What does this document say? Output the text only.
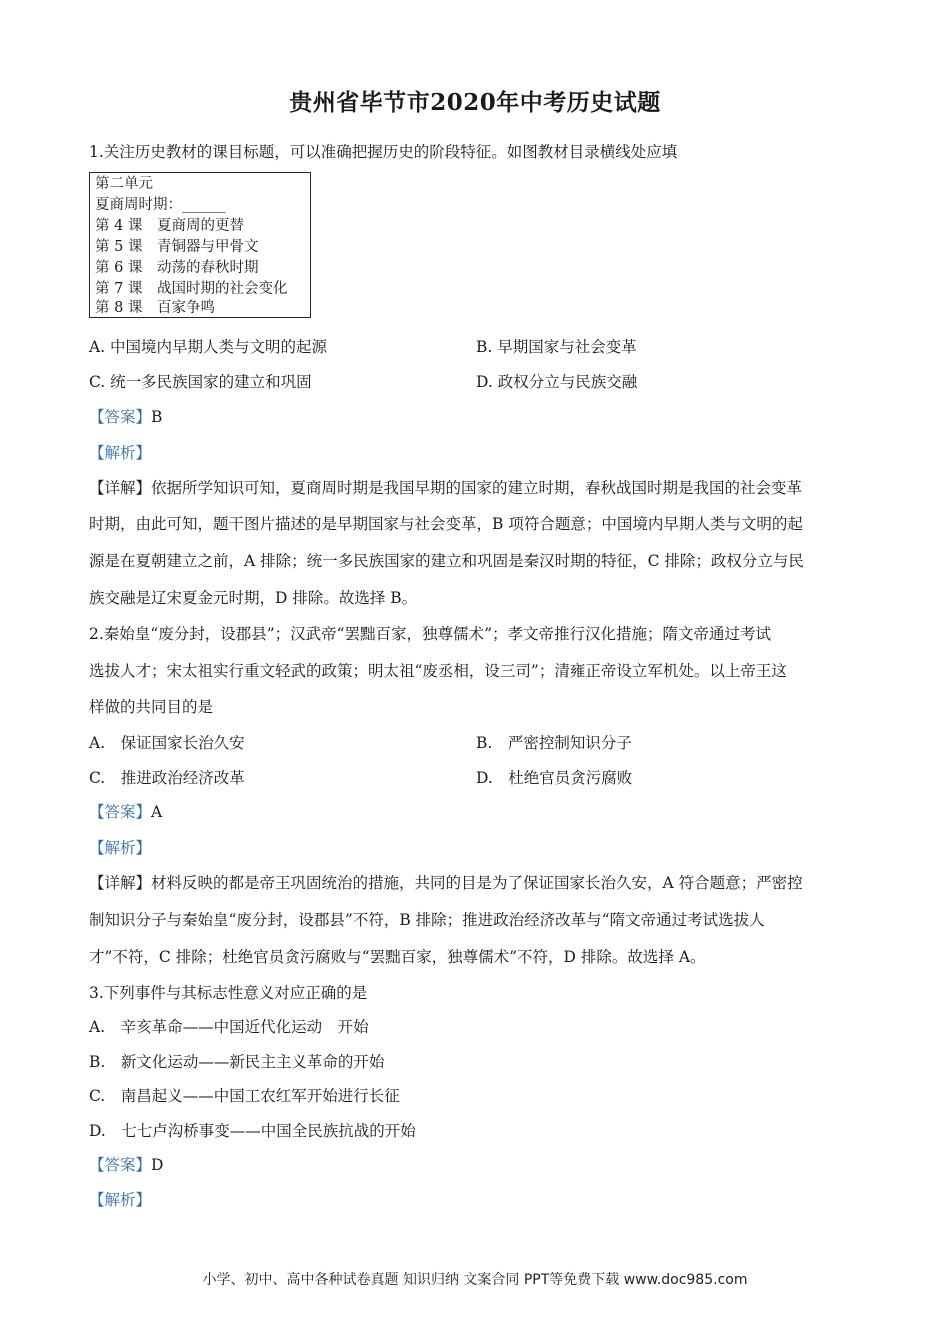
贵州省毕节市2020年中考历史试题
1.关注历史教材的课目标题，可以准确把握历史的阶段特征。如图教材目录横线处应填
第二单元
夏商周时期：______
第 4 课　夏商周的更替
第 5 课　青铜器与甲骨文
第 6 课　动荡的春秋时期
第 7 课　战国时期的社会变化
第 8 课　百家争鸣
A. 中国境内早期人类与文明的起源	B. 早期国家与社会变革
C. 统一多民族国家的建立和巩固	D. 政权分立与民族交融
【答案】B
【解析】
【详解】依据所学知识可知，夏商周时期是我国早期的国家的建立时期，春秋战国时期是我国的社会变革
时期，由此可知，题干图片描述的是早期国家与社会变革，B 项符合题意；中国境内早期人类与文明的起
源是在夏朝建立之前，A 排除；统一多民族国家的建立和巩固是秦汉时期的特征，C 排除；政权分立与民
族交融是辽宋夏金元时期，D 排除。故选择 B。
2.秦始皇“废分封，设郡县”；汉武帝“罢黜百家，独尊儒术”；孝文帝推行汉化措施；隋文帝通过考试
选拔人才；宋太祖实行重文轻武的政策；明太祖“废丞相，设三司”；清雍正帝设立军机处。以上帝王这
样做的共同目的是
A.　保证国家长治久安	B.　严密控制知识分子
C.　推进政治经济改革	D.　杜绝官员贪污腐败
【答案】A
【解析】
【详解】材料反映的都是帝王巩固统治的措施，共同的目是为了保证国家长治久安，A 符合题意；严密控
制知识分子与秦始皇“废分封，设郡县”不符，B 排除；推进政治经济改革与“隋文帝通过考试选拔人
才”不符，C 排除；杜绝官员贪污腐败与“罢黜百家，独尊儒术”不符，D 排除。故选择 A。
3.下列事件与其标志性意义对应正确的是
A.　辛亥革命——中国近代化运动　开始
B.　新文化运动——新民主主义革命的开始
C.　南昌起义——中国工农红军开始进行长征
D.　七七卢沟桥事变——中国全民族抗战的开始
【答案】D
【解析】
小学、初中、高中各种试卷真题 知识归纳 文案合同 PPT等免费下载 www.doc985.com
